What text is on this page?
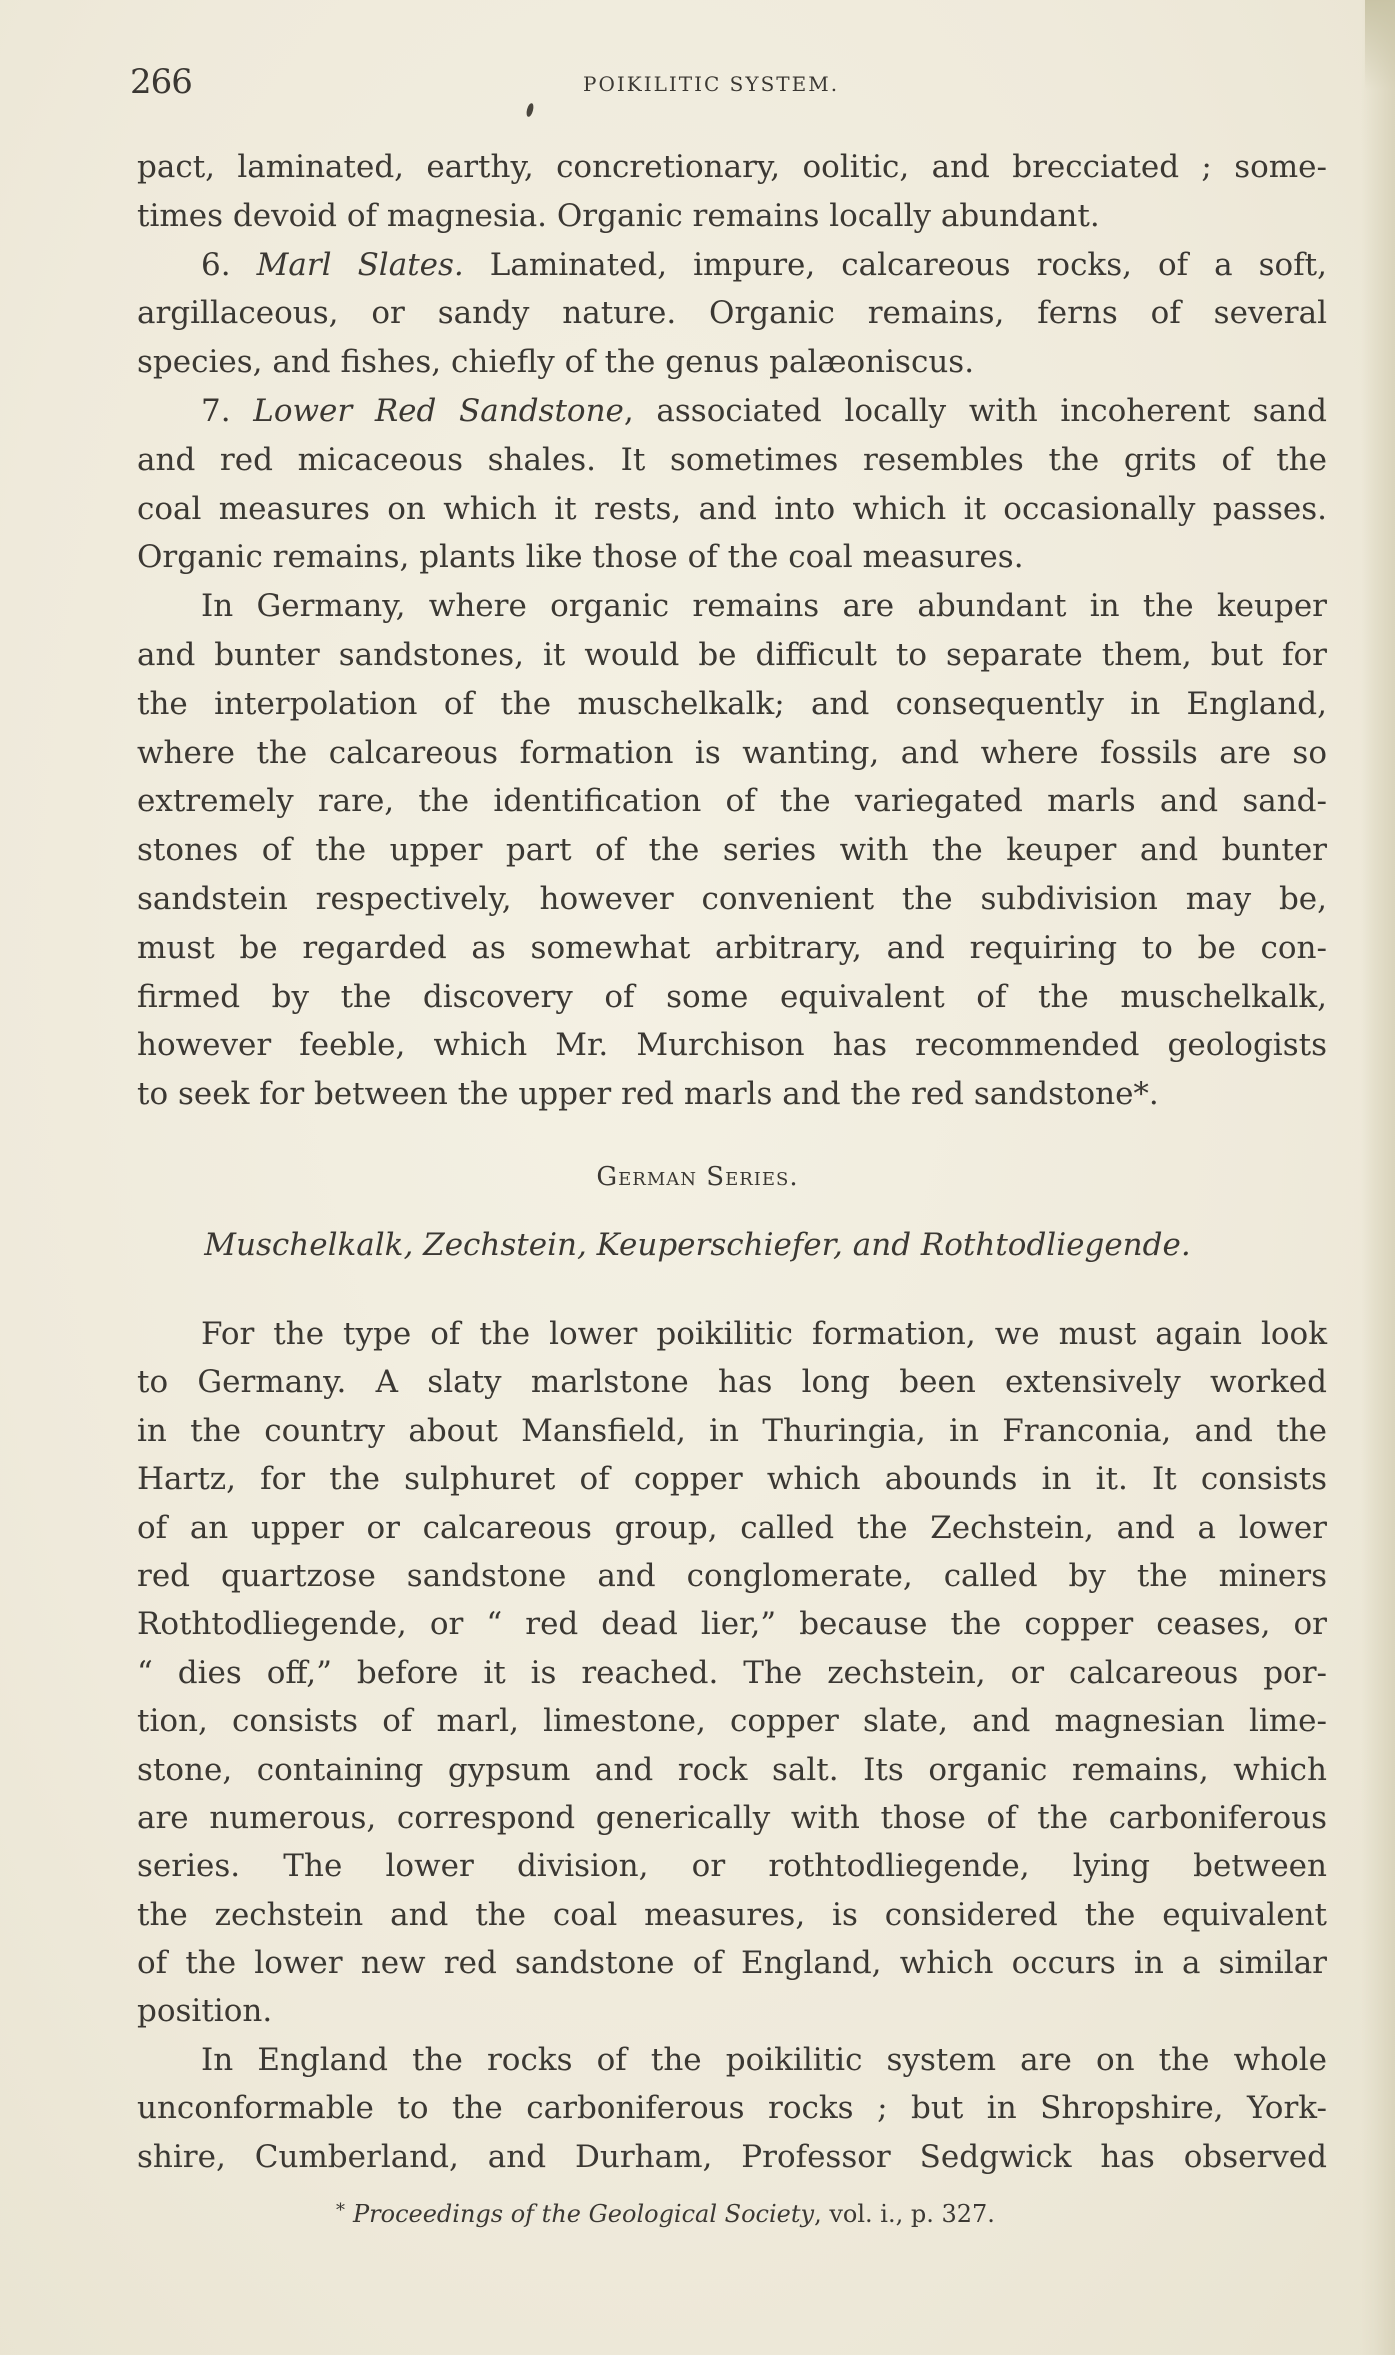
266	POIKILITIC SYSTEM.
pact, laminated, earthy, concretionary, oolitic, and brecciated ; some-
times devoid of magnesia. Organic remains locally abundant.
6. Marl Slates. Laminated, impure, calcareous rocks, of a soft,
argillaceous, or sandy nature. Organic remains, ferns of several
species, and fishes, chiefly of the genus palæoniscus.
7. Lower Red Sandstone, associated locally with incoherent sand
and red micaceous shales. It sometimes resembles the grits of the
coal measures on which it rests, and into which it occasionally passes.
Organic remains, plants like those of the coal measures.
In Germany, where organic remains are abundant in the keuper
and bunter sandstones, it would be difficult to separate them, but for
the interpolation of the muschelkalk; and consequently in England,
where the calcareous formation is wanting, and where fossils are so
extremely rare, the identification of the variegated marls and sand-
stones of the upper part of the series with the keuper and bunter
sandstein respectively, however convenient the subdivision may be,
must be regarded as somewhat arbitrary, and requiring to be con-
firmed by the discovery of some equivalent of the muschelkalk,
however feeble, which Mr. Murchison has recommended geologists
to seek for between the upper red marls and the red sandstone*.
German Series.
Muschelkalk, Zechstein, Keuperschiefer, and Rothtodliegende.
For the type of the lower poikilitic formation, we must again look
to Germany. A slaty marlstone has long been extensively worked
in the country about Mansfield, in Thuringia, in Franconia, and the
Hartz, for the sulphuret of copper which abounds in it. It consists
of an upper or calcareous group, called the Zechstein, and a lower
red quartzose sandstone and conglomerate, called by the miners
Rothtodliegende, or “ red dead lier,” because the copper ceases, or
“ dies off,” before it is reached. The zechstein, or calcareous por-
tion, consists of marl, limestone, copper slate, and magnesian lime-
stone, containing gypsum and rock salt. Its organic remains, which
are numerous, correspond generically with those of the carboniferous
series. The lower division, or rothtodliegende, lying between
the zechstein and the coal measures, is considered the equivalent
of the lower new red sandstone of England, which occurs in a similar
position.
In England the rocks of the poikilitic system are on the whole
unconformable to the carboniferous rocks ; but in Shropshire, York-
shire, Cumberland, and Durham, Professor Sedgwick has observed
* Proceedings of the Geological Society, vol. i., p. 327.
